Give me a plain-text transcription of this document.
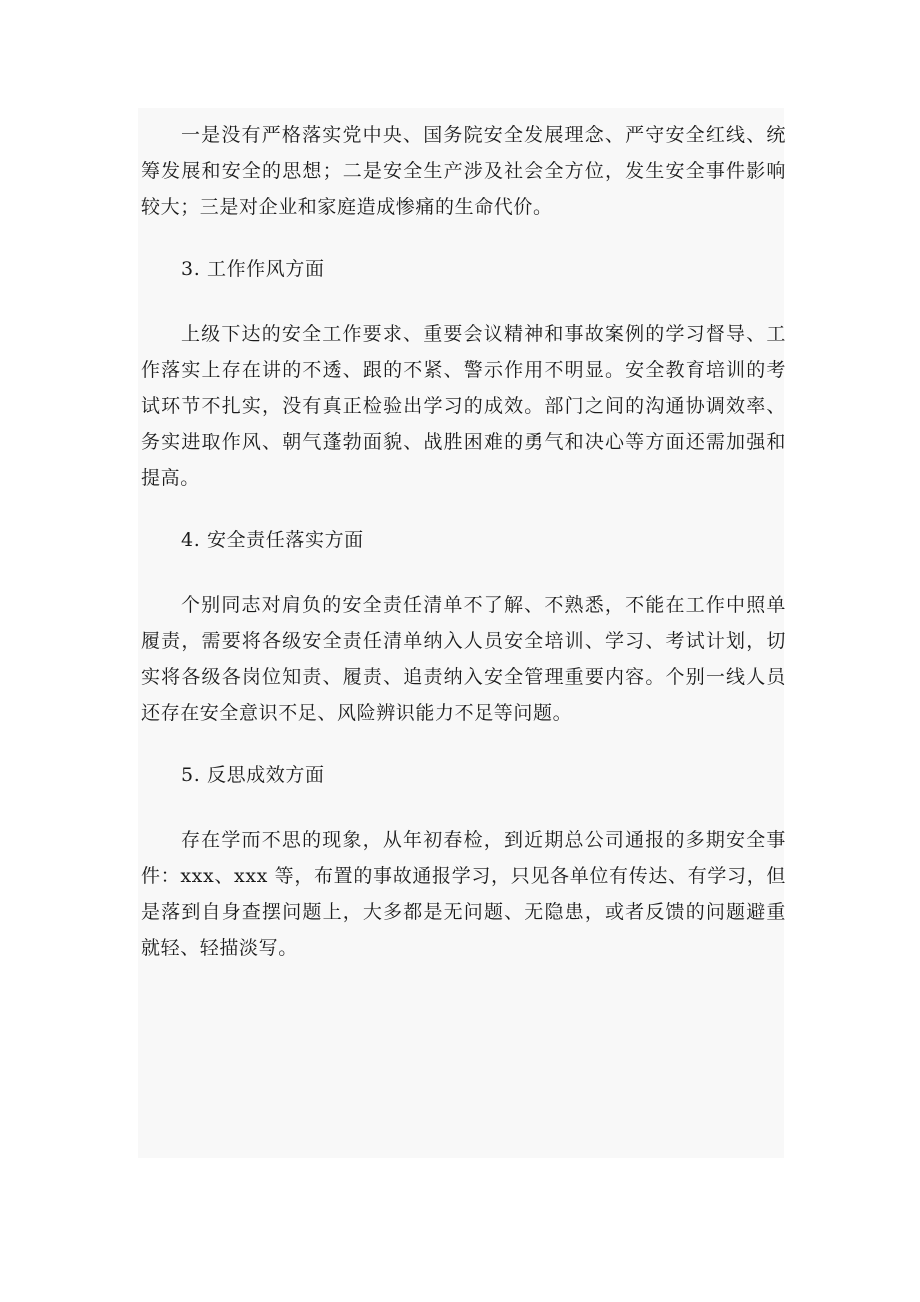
一是没有严格落实党中央、国务院安全发展理念、严守安全红线、统筹发展和安全的思想；二是安全生产涉及社会全方位，发生安全事件影响较大；三是对企业和家庭造成惨痛的生命代价。

3. 工作作风方面

上级下达的安全工作要求、重要会议精神和事故案例的学习督导、工作落实上存在讲的不透、跟的不紧、警示作用不明显。安全教育培训的考试环节不扎实，没有真正检验出学习的成效。部门之间的沟通协调效率、务实进取作风、朝气蓬勃面貌、战胜困难的勇气和决心等方面还需加强和提高。

4. 安全责任落实方面

个别同志对肩负的安全责任清单不了解、不熟悉，不能在工作中照单履责，需要将各级安全责任清单纳入人员安全培训、学习、考试计划，切实将各级各岗位知责、履责、追责纳入安全管理重要内容。个别一线人员还存在安全意识不足、风险辨识能力不足等问题。

5. 反思成效方面

存在学而不思的现象，从年初春检，到近期总公司通报的多期安全事件：xxx、xxx 等，布置的事故通报学习，只见各单位有传达、有学习，但是落到自身查摆问题上，大多都是无问题、无隐患，或者反馈的问题避重就轻、轻描淡写。
